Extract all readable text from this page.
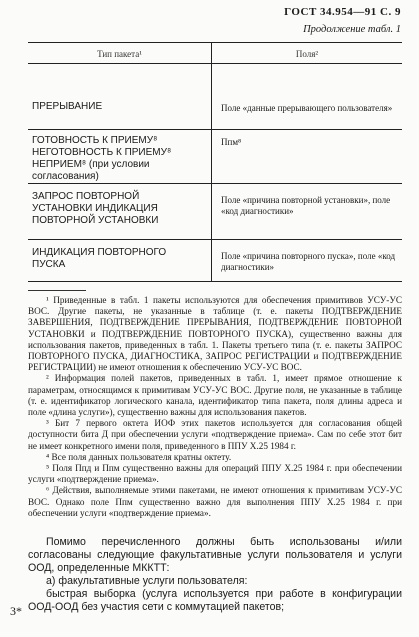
ГОСТ 34.954—91 С. 9
Продолжение табл. 1
Тип пакета¹	Поля²
ПРЕРЫВАНИЕ	Поле «данные прерывающего пользователя»
ГОТОВНОСТЬ К ПРИЕМУ⁸ НЕГОТОВНОСТЬ К ПРИЕМУ⁸ НЕПРИЕМ⁸ (при условии согласования)
Ппм⁸
ЗАПРОС ПОВТОРНОЙ УСТАНОВКИ ИНДИКАЦИЯ ПОВТОРНОЙ УСТАНОВКИ
Поле «причина повторной установки», поле «код диагностики»
ИНДИКАЦИЯ ПОВТОРНОГО ПУСКА
Поле «причина повторного пуска», поле «код диагностики»

¹ Приведенные в табл. 1 пакеты используются для обеспечения примитивов УСУ-УС ВОС. Другие пакеты, не указанные в таблице (т. е. пакеты ПОДТВЕРЖДЕНИЕ ЗАВЕРШЕНИЯ, ПОДТВЕРЖДЕНИЕ ПРЕРЫВАНИЯ, ПОДТВЕРЖДЕНИЕ ПОВТОРНОЙ УСТАНОВКИ и ПОДТВЕРЖДЕНИЕ ПОВТОРНОГО ПУСКА), существенно важны для использования пакетов, приведенных в табл. 1. Пакеты третьего типа (т. е. пакеты ЗАПРОС ПОВТОРНОГО ПУСКА, ДИАГНОСТИКА, ЗАПРОС РЕГИСТРАЦИИ и ПОДТВЕРЖДЕНИЕ РЕГИСТРАЦИИ) не имеют отношения к обеспечению УСУ-УС ВОС.

² Информация полей пакетов, приведенных в табл. 1, имеет прямое отношение к параметрам, относящимся к примитивам УСУ-УС ВОС. Другие поля, не указанные в таблице (т. е. идентификатор логического канала, идентификатор типа пакета, поля длины адреса и поле «длина услуги»), существенно важны для использования пакетов.

³ Бит 7 первого октета ИОФ этих пакетов используется для согласования общей доступности бита Д при обеспечении услуги «подтверждение приема». Сам по себе этот бит не имеет конкретного имени поля, приведенного в ППУ X.25 1984 г.

⁴ Все поля данных пользователя кратны октету.

⁵ Поля Ппд и Ппм существенно важны для операций ППУ X.25 1984 г. при обеспечении услуги «подтверждение приема».

⁶ Действия, выполняемые этими пакетами, не имеют отношения к примитивам УСУ-УС ВОС. Однако поле Ппм существенно важно для выполнения ППУ X.25 1984 г. при обеспечении услуги «подтверждение приема».

Помимо перечисленного должны быть использованы и/или согласованы следующие факультативные услуги пользователя и услуги ООД, определенные МККТТ:

а) факультативные услуги пользователя:

быстрая выборка (услуга используется при работе в конфигурации ООД-ООД без участия сети с коммутацией пакетов;

3*
